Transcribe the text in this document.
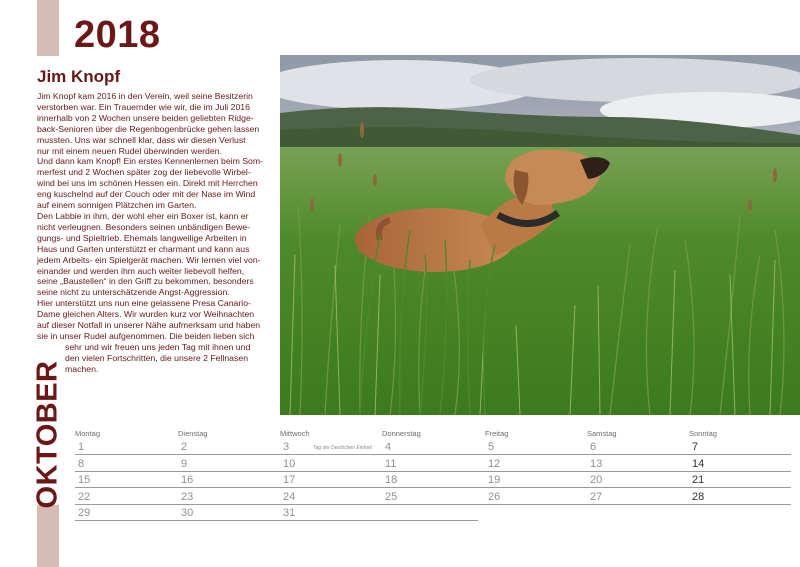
OKTOBER
2018
Jim Knopf

Jim Knopf kam 2016 in den Verein, weil seine Besitzerin

verstorben war. Ein Trauernder wie wir, die im Juli 2016

innerhalb von 2 Wochen unsere beiden geliebten Ridge-

back-Senioren über die Regenbogenbrücke gehen lassen

mussten. Uns war schnell klar, dass wir diesen Verlust

nur mit einem neuen Rudel überwinden werden.

Und dann kam Knopf! Ein erstes Kennenlernen beim Som-

merfest und 2 Wochen später zog der liebevolle Wirbel-

wind bei uns im schönen Hessen ein. Direkt mit Herrchen

eng kuschelnd auf der Couch oder mit der Nase im Wind

auf einem sonnigen Plätzchen im Garten.

Den Labbie in ihm, der wohl eher ein Boxer ist, kann er

nicht verleugnen. Besonders seinen unbändigen Bewe-

gungs- und Spieltrieb. Ehemals langweilige Arbeiten in

Haus und Garten unterstützt er charmant und kann aus

jedem Arbeits- ein Spielgerät machen. Wir lernen viel von-

einander und werden ihm auch weiter liebevoll helfen,

seine „Baustellen“ in den Griff zu bekommen, besonders

seine nicht zu unterschätzende Angst-Aggression.

Hier unterstützt uns nun eine gelassene Presa Canario-

Dame gleichen Alters. Wir wurden kurz vor Weihnachten

auf dieser Notfall in unserer Nähe aufmerksam und haben

sie in unser Rudel aufgenommen. Die beiden lieben sich

sehr und wir freuen uns jeden Tag mit ihnen und

den vielen Fortschritten, die unsere 2 Fellnasen

machen.

Montag
1
8
15
22
29
Dienstag
2
9
16
23
30
Mittwoch
3	Tag der Deutschen Einheit
10
17
24
31
Donnerstag
4
11
18
25
Freitag
5
12
19
26
Samstag
6
13
20
27
Sonntag
7
14
21
28
